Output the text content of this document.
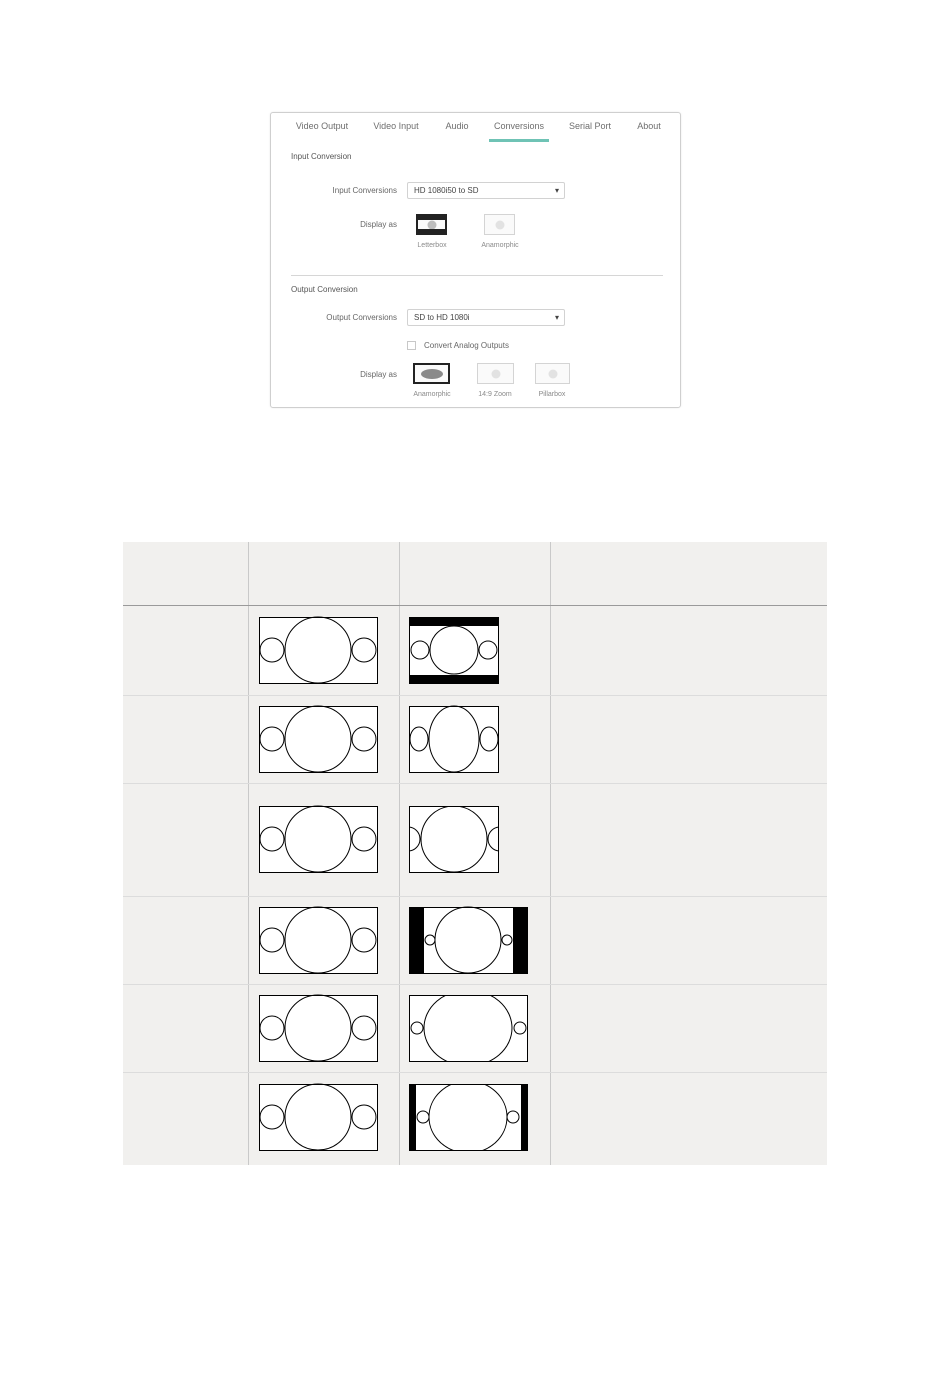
Video Output	Video Input	Audio	Conversions	Serial Port	About
Input Conversion
Input Conversions	HD 1080i50 to SD	▾
Display as
Letterbox	Anamorphic
Output Conversion
Output Conversions	SD to HD 1080i	▾
Convert Analog Outputs
Display as
Anamorphic	14:9 Zoom	Pillarbox
